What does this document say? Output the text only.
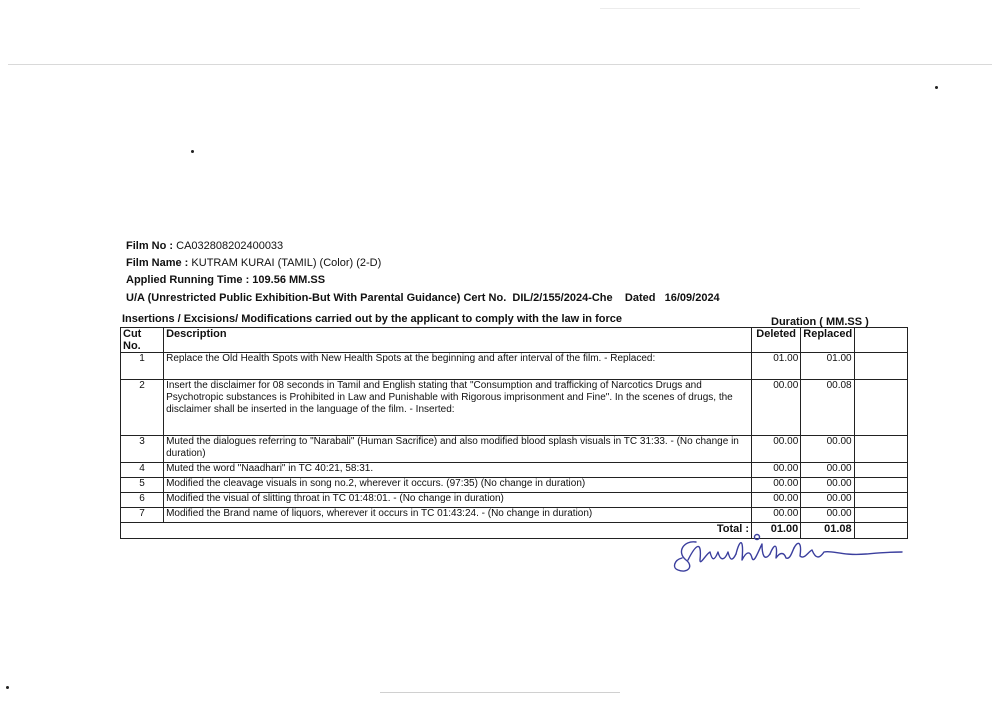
Film No : CA032808202400033
Film Name : KUTRAM KURAI (TAMIL) (Color) (2-D)
Applied Running Time : 109.56 MM.SS
U/A (Unrestricted Public Exhibition-But With Parental Guidance) Cert No. DIL/2/155/2024-Che Dated 16/09/2024
Insertions / Excisions/ Modifications carried out by the applicant to comply with the law in force	Duration ( MM.SS )
Cut No.	Description	Deleted	Replaced	
1	Replace the Old Health Spots with New Health Spots at the beginning and after interval of the film. - Replaced:	01.00	01.00	
2	Insert the disclaimer for 08 seconds in Tamil and English stating that "Consumption and trafficking of Narcotics Drugs and Psychotropic substances is Prohibited in Law and Punishable with Rigorous imprisonment and Fine". In the scenes of drugs, the disclaimer shall be inserted in the language of the film. - Inserted:	00.00	00.08	
3	Muted the dialogues referring to "Narabali" (Human Sacrifice) and also modified blood splash visuals in TC 31:33. - (No change in duration)	00.00	00.00	
4	Muted the word "Naadhari" in TC 40:21, 58:31.	00.00	00.00	
5	Modified the cleavage visuals in song no.2, wherever it occurs. (97:35) (No change in duration)	00.00	00.00	
6	Modified the visual of slitting throat in TC 01:48:01. - (No change in duration)	00.00	00.00	
7	Modified the Brand name of liquors, wherever it occurs in TC 01:43:24. - (No change in duration)	00.00	00.00	
	Total :	01.00	01.08	
